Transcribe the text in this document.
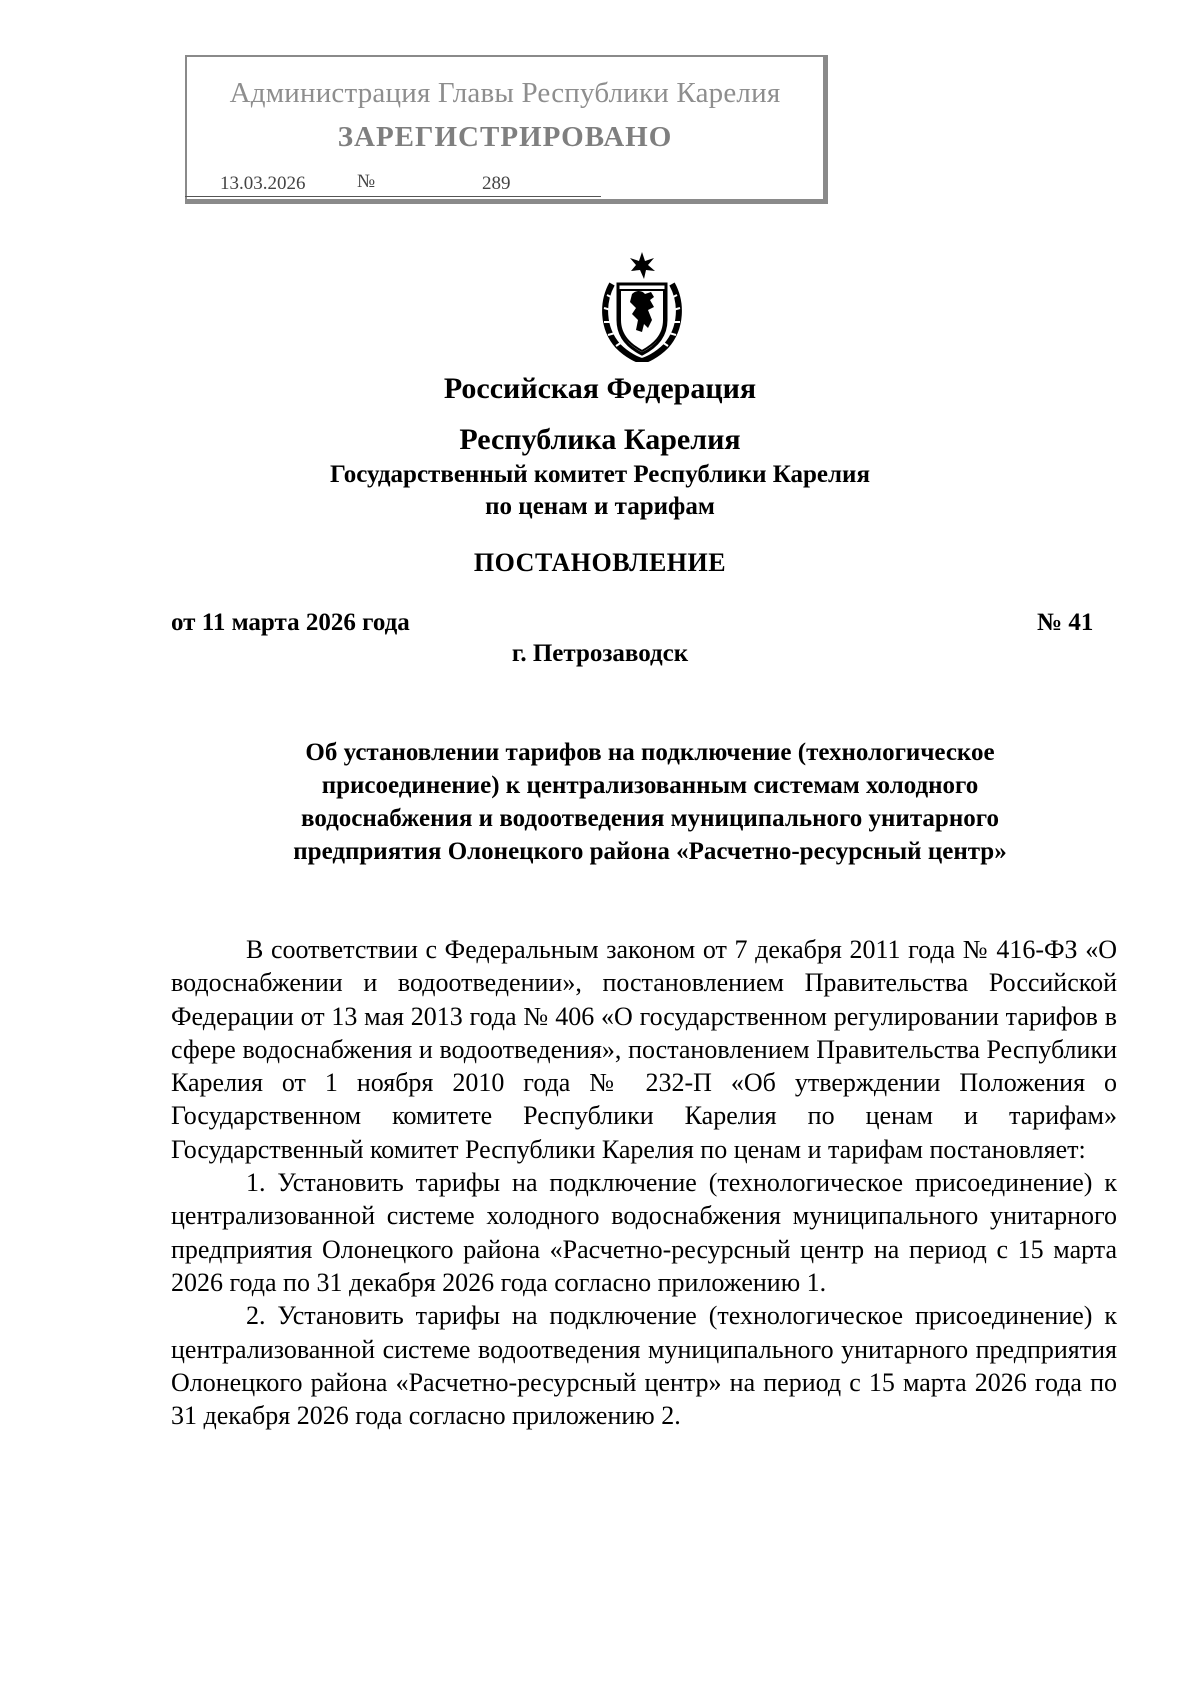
Администрация Главы Республики Карелия
ЗАРЕГИСТРИРОВАНО
13.03.2026	№	289
Российская Федерация
Республика Карелия
Государственный комитет Республики Карелия
по ценам и тарифам
ПОСТАНОВЛЕНИЕ
от 11 марта 2026 года	№ 41
г. Петрозаводск
Об установлении тарифов на подключение (технологическое
присоединение) к централизованным системам холодного
водоснабжения и водоотведения муниципального унитарного
предприятия Олонецкого района «Расчетно-ресурсный центр»

В соответствии с Федеральным законом от 7 декабря 2011 года № 416-ФЗ «О водоснабжении и водоотведении», постановлением Правительства Российской Федерации от 13 мая 2013 года № 406 «О государственном регулировании тарифов в сфере водоснабжения и водоотведения», постановлением Правительства Республики Карелия от 1 ноября 2010 года № 232-П «Об утверждении Положения о Государственном комитете Республики Карелия по ценам и тарифам» Государственный комитет Республики Карелия по ценам и тарифам постановляет:

1. Установить тарифы на подключение (технологическое присоединение) к централизованной системе холодного водоснабжения муниципального унитарного предприятия Олонецкого района «Расчетно-ресурсный центр на период с 15 марта 2026 года по 31 декабря 2026 года согласно приложению 1.

2. Установить тарифы на подключение (технологическое присоединение) к централизованной системе водоотведения муниципального унитарного предприятия Олонецкого района «Расчетно-ресурсный центр» на период с 15 марта 2026 года по 31 декабря 2026 года согласно приложению 2.
